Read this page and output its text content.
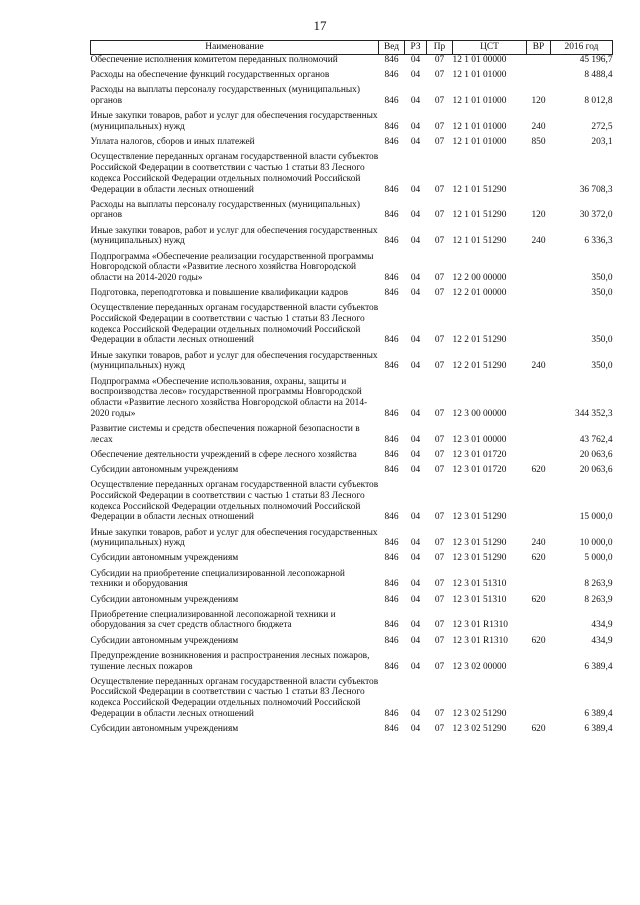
17
Наименование	Вед	РЗ	Пр	ЦСТ	ВР	2016 год
Обеспечение исполнения комитетом переданных полномочий	846	04	07	12 1 01 00000		45 196,7
Расходы на обеспечение функций государственных органов	846	04	07	12 1 01 01000		8 488,4
Расходы на выплаты персоналу государственных (муниципальных) органов	846	04	07	12 1 01 01000	120	8 012,8
Иные закупки товаров, работ и услуг для обеспечения государственных (муниципальных) нужд	846	04	07	12 1 01 01000	240	272,5
Уплата налогов, сборов и иных платежей	846	04	07	12 1 01 01000	850	203,1
Осуществление переданных органам государственной власти субъектов Российской Федерации в соответствии с частью 1 статьи 83 Лесного кодекса Российской Федерации отдельных полномочий Российской Федерации в области лесных отношений	846	04	07	12 1 01 51290		36 708,3
Расходы на выплаты персоналу государственных (муниципальных) органов	846	04	07	12 1 01 51290	120	30 372,0
Иные закупки товаров, работ и услуг для обеспечения государственных (муниципальных) нужд	846	04	07	12 1 01 51290	240	6 336,3
Подпрограмма «Обеспечение реализации государственной программы Новгородской области «Развитие лесного хозяйства Новгородской области на 2014-2020 годы»	846	04	07	12 2 00 00000		350,0
Подготовка, переподготовка и повышение квалификации кадров	846	04	07	12 2 01 00000		350,0
Осуществление переданных органам государственной власти субъектов Российской Федерации в соответствии с частью 1 статьи 83 Лесного кодекса Российской Федерации отдельных полномочий Российской Федерации в области лесных отношений	846	04	07	12 2 01 51290		350,0
Иные закупки товаров, работ и услуг для обеспечения государственных (муниципальных) нужд	846	04	07	12 2 01 51290	240	350,0
Подпрограмма «Обеспечение использования, охраны, защиты и воспроизводства лесов» государственной программы Новгородской области «Развитие лесного хозяйства Новгородской области на 2014-2020 годы»	846	04	07	12 3 00 00000		344 352,3
Развитие системы и средств обеспечения пожарной безопасности в лесах	846	04	07	12 3 01 00000		43 762,4
Обеспечение деятельности учреждений в сфере лесного хозяйства	846	04	07	12 3 01 01720		20 063,6
Субсидии автономным учреждениям	846	04	07	12 3 01 01720	620	20 063,6
Осуществление переданных органам государственной власти субъектов Российской Федерации в соответствии с частью 1 статьи 83 Лесного кодекса Российской Федерации отдельных полномочий Российской Федерации в области лесных отношений	846	04	07	12 3 01 51290		15 000,0
Иные закупки товаров, работ и услуг для обеспечения государственных (муниципальных) нужд	846	04	07	12 3 01 51290	240	10 000,0
Субсидии автономным учреждениям	846	04	07	12 3 01 51290	620	5 000,0
Субсидии на приобретение специализированной лесопожарной техники и оборудования	846	04	07	12 3 01 51310		8 263,9
Субсидии автономным учреждениям	846	04	07	12 3 01 51310	620	8 263,9
Приобретение специализированной лесопожарной техники и оборудования за счет средств областного бюджета	846	04	07	12 3 01 R1310		434,9
Субсидии автономным учреждениям	846	04	07	12 3 01 R1310	620	434,9
Предупреждение возникновения и распространения лесных пожаров, тушение лесных пожаров	846	04	07	12 3 02 00000		6 389,4
Осуществление переданных органам государственной власти субъектов Российской Федерации в соответствии с частью 1 статьи 83 Лесного кодекса Российской Федерации отдельных полномочий Российской Федерации в области лесных отношений	846	04	07	12 3 02 51290		6 389,4
Субсидии автономным учреждениям	846	04	07	12 3 02 51290	620	6 389,4
